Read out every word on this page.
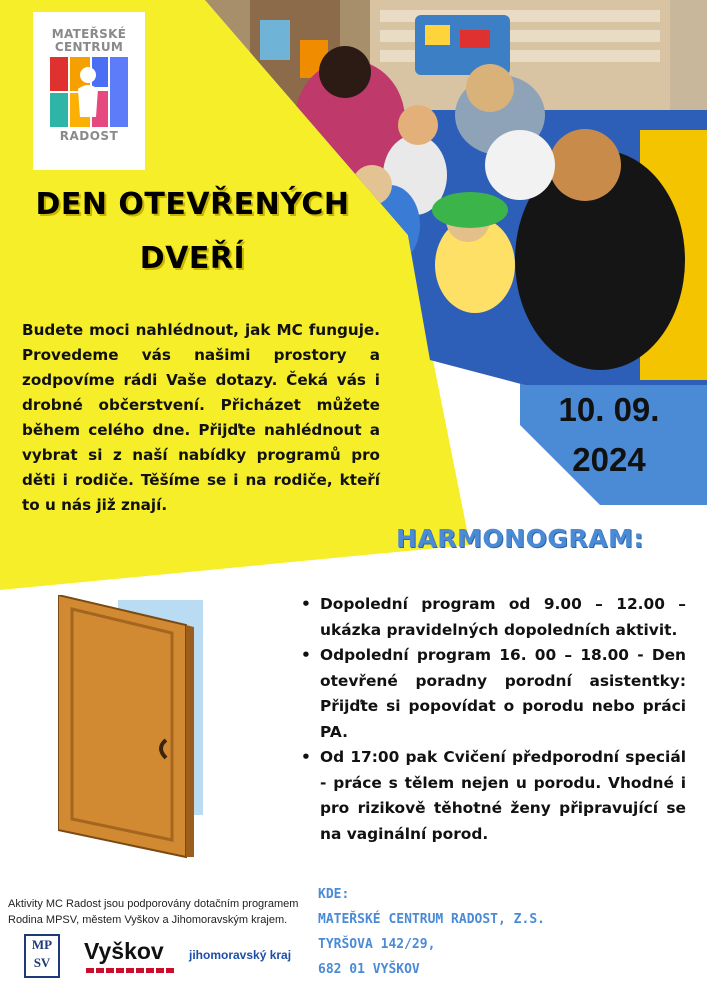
MATEŘSKÉ
CENTRUM
RADOST
DEN OTEVŘENÝCH
DVEŘÍ
Budete moci nahlédnout, jak MC funguje. Provedeme vás našimi prostory a zodpovíme rádi Vaše dotazy. Čeká vás i drobné občerstvení. Přicházet můžete během celého dne. Přijďte nahlédnout a vybrat si z naší nabídky programů pro děti i rodiče. Těšíme se i na rodiče, kteří to u nás již znají.
10. 09.
2024
HARMONOGRAM:
• Dopolední program od 9.00 – 12.00 – ukázka pravidelných dopoledních aktivit.
• Odpolední program 16. 00 – 18.00 - Den otevřené poradny porodní asistentky: Přijďte si popovídat o porodu nebo práci PA.
• Od 17:00 pak Cvičení předporodní speciál - práce s tělem nejen u porodu. Vhodné i pro rizikově těhotné ženy připravující se na vaginální porod.
Aktivity MC Radost jsou podporovány dotačním programem Rodina MPSV, městem Vyškov a Jihomoravským krajem.
MP
SV	Vyškov jihomoravský kraj
KDE:
MATEŘSKÉ CENTRUM RADOST, Z.S.
TYRŠOVA 142/29,
682 01 VYŠKOV
